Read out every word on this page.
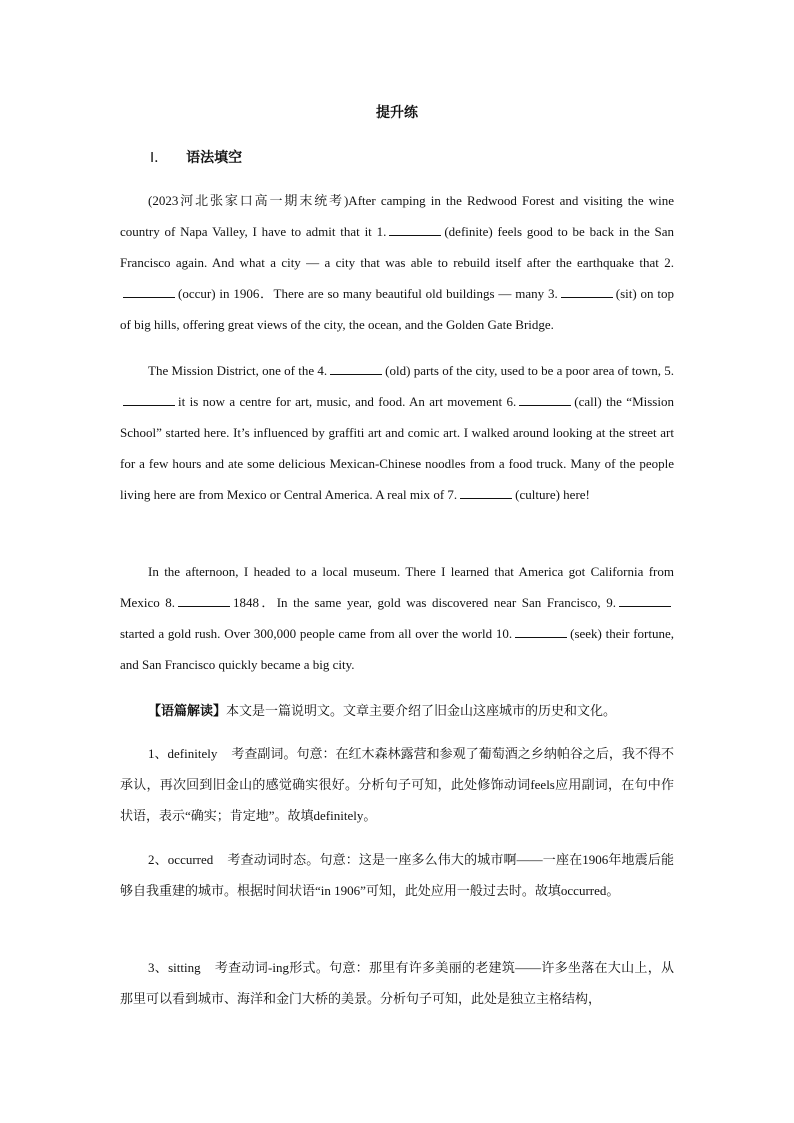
提升练
Ⅰ． 语法填空

(2023河北张家口高一期末统考)After camping in the Redwood Forest and visiting the wine country of Napa Valley, I have to admit that it 1.	(definite) feels good to be back in the San Francisco again. And what a city — a city that was able to rebuild itself after the earthquake that 2.(occur) in 1906．There are so many beautiful old buildings — many 3.	(sit) on top of big hills, offering great views of the city, the ocean, and the Golden Gate Bridge.

The Mission District, one of the 4.	(old) parts of the city, used to be a poor area of town, 5.it is now a centre for art, music, and food. An art movement 6.	(call) the “Mission School” started here. It’s influenced by graffiti art and comic art. I walked around looking at the street art for a few hours and ate some delicious Mexican-Chinese noodles from a food truck. Many of the people living here are from Mexico or Central America. A real mix of 7.	(culture) here!

In the afternoon, I headed to a local museum. There I learned that America got California from Mexico 8.	1848．In the same year, gold was discovered near San Francisco, 9.started a gold rush. Over 300,000 people came from all over the world 10.	(seek) their fortune, and San Francisco quickly became a big city.

【语篇解读】本文是一篇说明文。文章主要介绍了旧金山这座城市的历史和文化。

1、definitely 考查副词。句意：在红木森林露营和参观了葡萄酒之乡纳帕谷之后，我不得不承认，再次回到旧金山的感觉确实很好。分析句子可知，此处修饰动词feels应用副词，在句中作状语，表示“确实；肯定地”。故填definitely。

2、occurred 考查动词时态。句意：这是一座多么伟大的城市啊——一座在1906年地震后能够自我重建的城市。根据时间状语“in 1906”可知，此处应用一般过去时。故填occurred。

3、sitting 考查动词-ing形式。句意：那里有许多美丽的老建筑——许多坐落在大山上，从那里可以看到城市、海洋和金门大桥的美景。分析句子可知，此处是独立主格结构，
